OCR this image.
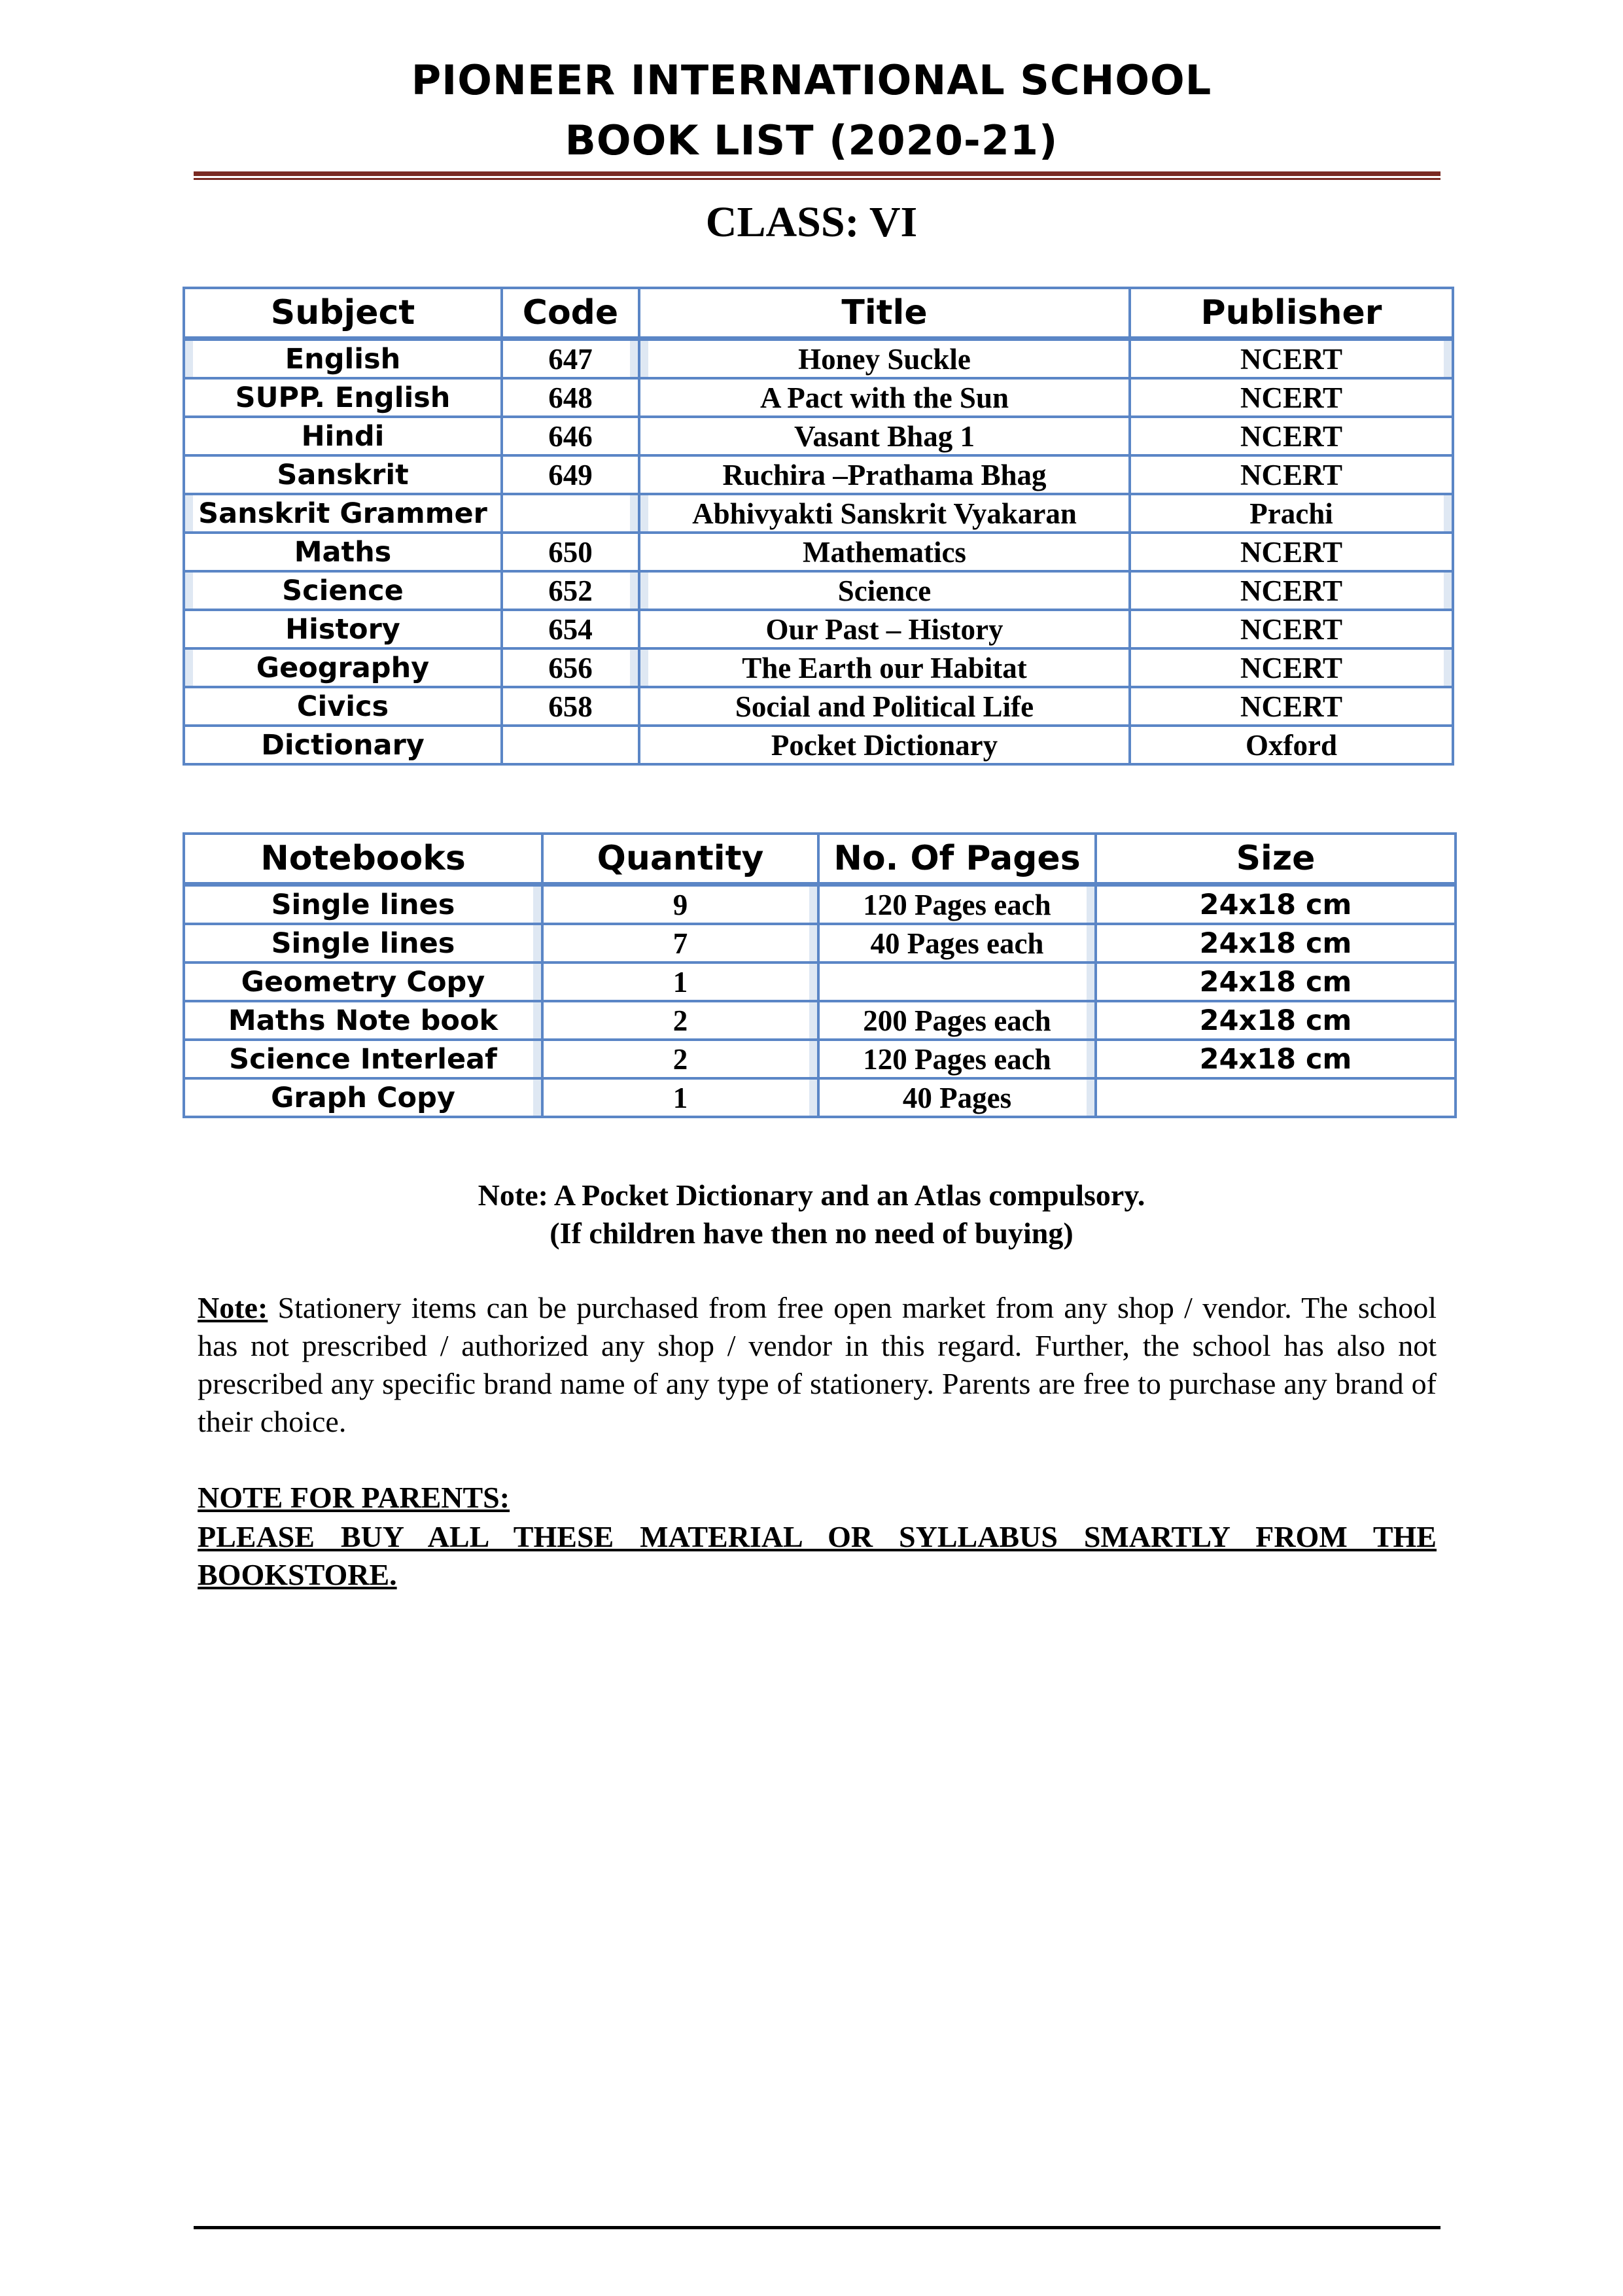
PIONEER INTERNATIONAL SCHOOL
BOOK LIST (2020-21)
CLASS: VI
Subject	Code	Title	Publisher
English	647	Honey Suckle	NCERT
SUPP. English	648	A Pact with the Sun	NCERT
Hindi	646	Vasant Bhag 1	NCERT
Sanskrit	649	Ruchira –Prathama Bhag	NCERT
Sanskrit Grammer		Abhivyakti Sanskrit Vyakaran	Prachi
Maths	650	Mathematics	NCERT
Science	652	Science	NCERT
History	654	Our Past – History	NCERT
Geography	656	The Earth our Habitat	NCERT
Civics	658	Social and Political Life	NCERT
Dictionary		Pocket Dictionary	Oxford
Notebooks	Quantity	No. Of Pages	Size
Single lines	9	120 Pages each	24x18 cm
Single lines	7	40 Pages each	24x18 cm
Geometry Copy	1		24x18 cm
Maths Note book	2	200 Pages each	24x18 cm
Science Interleaf	2	120 Pages each	24x18 cm
Graph Copy	1	40 Pages	
Note: A Pocket Dictionary and an Atlas compulsory.
(If children have then no need of buying)
Note: Stationery items can be purchased from free open market from any shop / vendor. The school has not prescribed / authorized any shop / vendor in this regard. Further, the school has also not prescribed any specific brand name of any type of stationery. Parents are free to purchase any brand of their choice.
NOTE FOR PARENTS:
PLEASE BUY ALL THESE MATERIAL OR SYLLABUS SMARTLY FROM THE BOOKSTORE.
